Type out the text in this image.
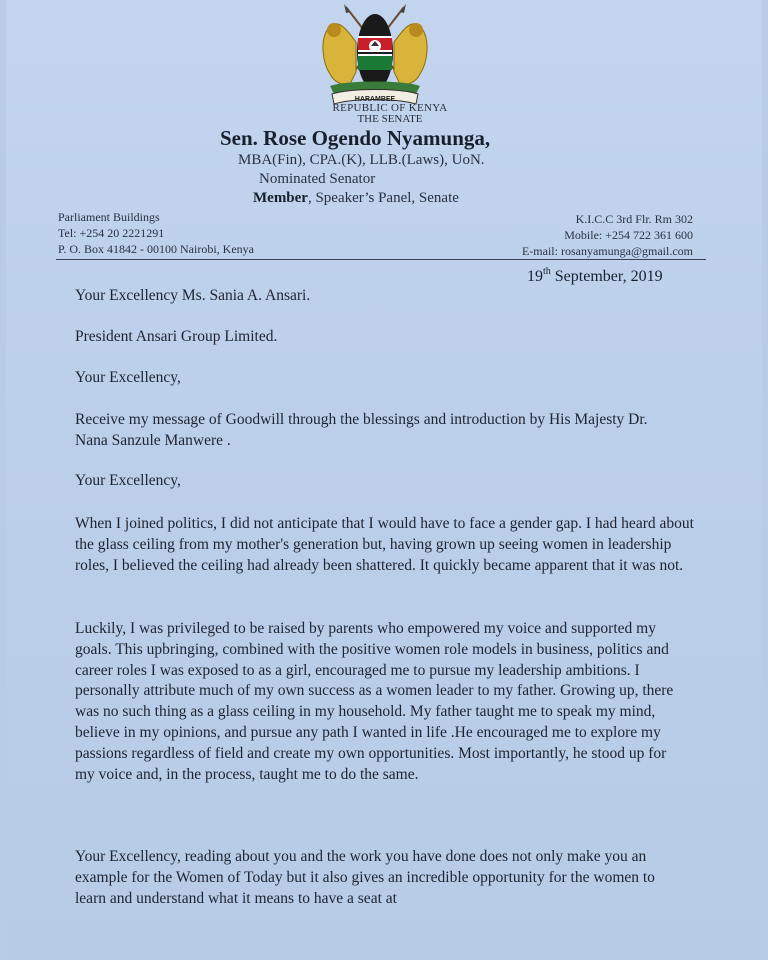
HARAMBEE
REPUBLIC OF KENYA
THE SENATE
Sen. Rose Ogendo Nyamunga,
MBA(Fin), CPA.(K), LLB.(Laws), UoN.
Nominated Senator
Member, Speaker’s Panel, Senate
Parliament Buildings
Tel: +254 20 2221291
P. O. Box 41842 - 00100 Nairobi, Kenya
K.I.C.C 3rd Flr. Rm 302
Mobile: +254 722 361 600
E-mail: rosanyamunga@gmail.com
19th September, 2019

Your Excellency Ms. Sania A. Ansari.

President Ansari Group Limited.

Your Excellency,

Receive my message of Goodwill through the blessings and introduction by His Majesty Dr. Nana Sanzule Manwere .

Your Excellency,

When I joined politics, I did not anticipate that I would have to face a gender gap. I had heard about the glass ceiling from my mother's generation but, having grown up seeing women in leadership roles, I believed the ceiling had already been shattered. It quickly became apparent that it was not.

Luckily, I was privileged to be raised by parents who empowered my voice and supported my goals. This upbringing, combined with the positive women role models in business, politics and career roles I was exposed to as a girl, encouraged me to pursue my leadership ambitions. I personally attribute much of my own success as a women leader to my father. Growing up, there was no such thing as a glass ceiling in my household. My father taught me to speak my mind, believe in my opinions, and pursue any path I wanted in life .He encouraged me to explore my passions regardless of field and create my own opportunities. Most importantly, he stood up for my voice and, in the process, taught me to do the same.

Your Excellency, reading about you and the work you have done does not only make you an example for the Women of Today but it also gives an incredible opportunity for the women to learn and understand what it means to have a seat at
